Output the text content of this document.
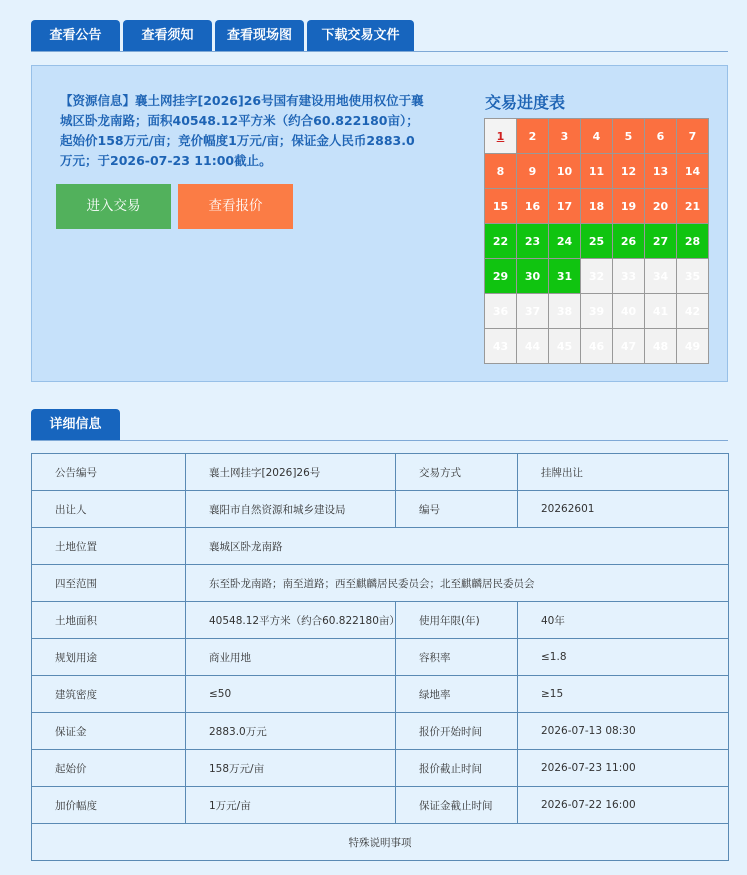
查看公告	查看须知	查看现场图	下载交易文件
【资源信息】襄土网挂字[2026]26号国有建设用地使用权位于襄城区卧龙南路；面积40548.12平方米（约合60.822180亩）；起始价158万元/亩；竞价幅度1万元/亩；保证金人民币2883.0万元；于2026-07-23 11:00截止。
进入交易	查看报价
交易进度表
1	2	3	4	5	6	7
8	9	10	11	12	13	14
15	16	17	18	19	20	21
22	23	24	25	26	27	28
29	30	31	32	33	34	35
36	37	38	39	40	41	42
43	44	45	46	47	48	49
详细信息
公告编号	襄土网挂字[2026]26号	交易方式	挂牌出让
出让人	襄阳市自然资源和城乡建设局	编号	20262601
土地位置	襄城区卧龙南路		
四至范围	东至卧龙南路；南至道路；西至麒麟居民委员会；北至麒麟居民委员会		
土地面积	40548.12平方米（约合60.822180亩）	使用年限(年)	40年
规划用途	商业用地	容积率	≤1.8
建筑密度	≤50	绿地率	≥15
保证金	2883.0万元	报价开始时间	2026-07-13 08:30
起始价	158万元/亩	报价截止时间	2026-07-23 11:00
加价幅度	1万元/亩	保证金截止时间	2026-07-22 16:00
特殊说明事项			
